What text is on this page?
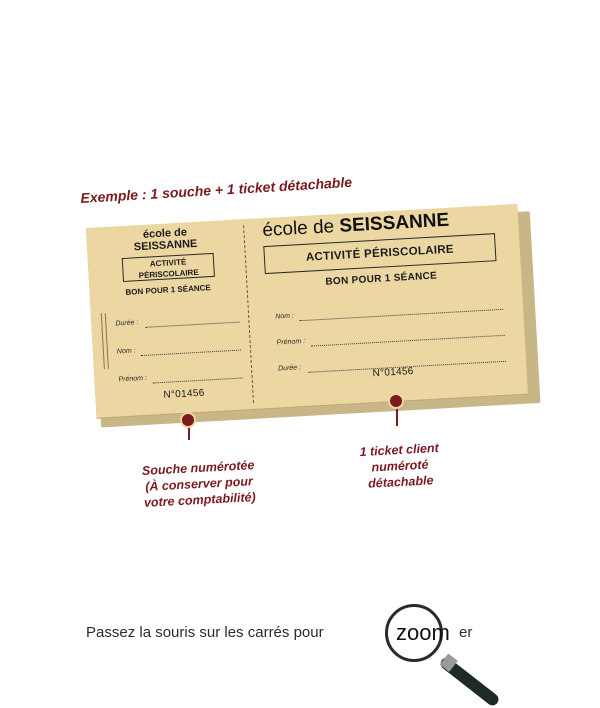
Exemple : 1 souche + 1 ticket détachable
école de
SEISSANNE
ACTIVITÉ
PÉRISCOLAIRE
BON POUR 1 SÉANCE
Durée :
Nom :
Prénom :
N°01456
école de SEISSANNE
ACTIVITÉ PÉRISCOLAIRE
BON POUR 1 SÉANCE
Nom :
Prénom :
Durée :	N°01456
Souche numérotée
(À conserver pour
votre comptabilité)
1 ticket client
numéroté
détachable
Passez la souris sur les carrés pour	zoom er
